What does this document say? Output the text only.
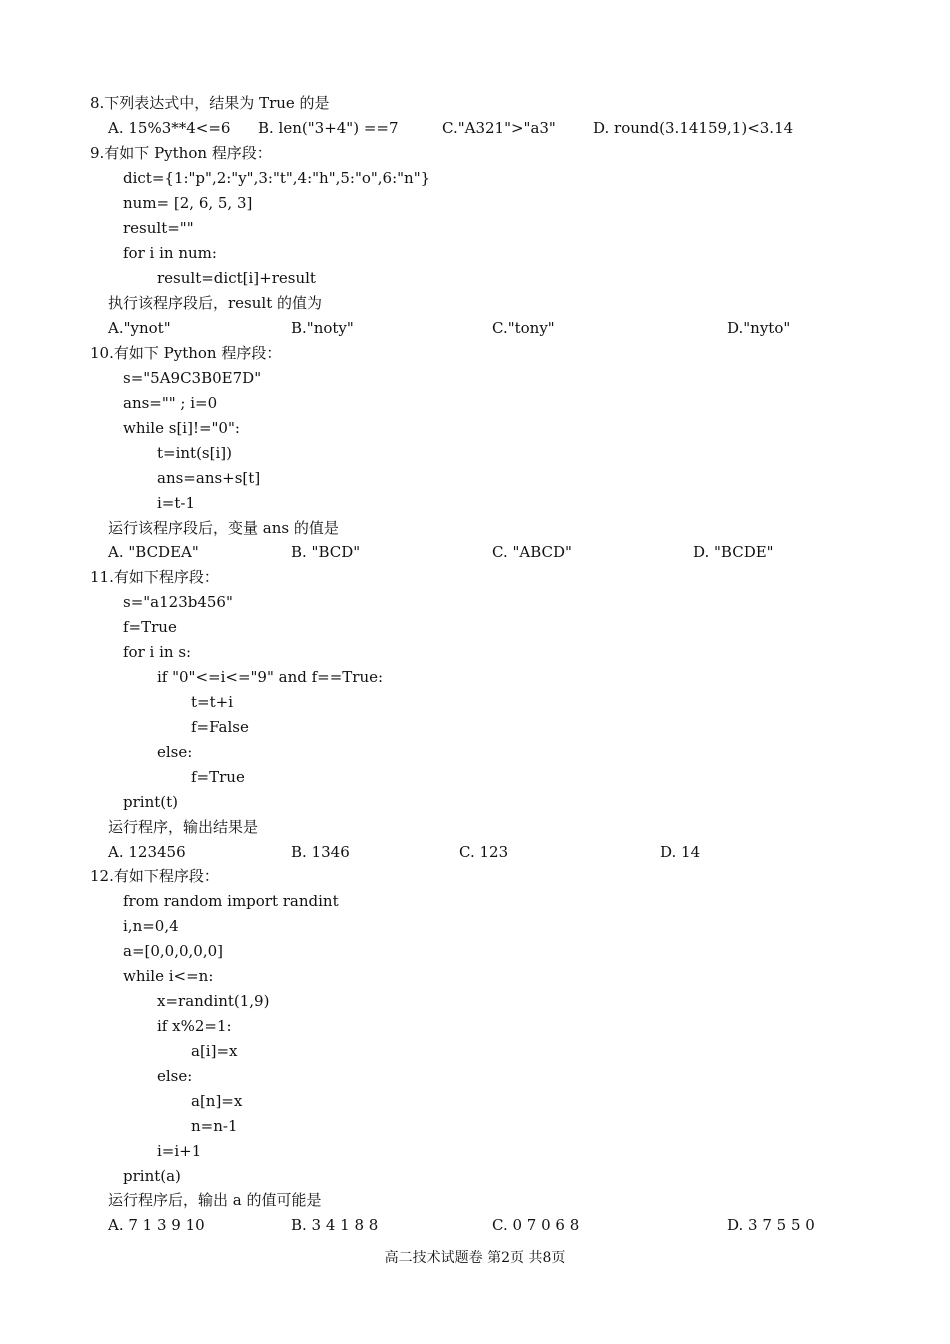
8.下列表达式中，结果为 True 的是
A. 15%3**4<=6 B. len("3+4") ==7	C."A321">"a3" D. round(3.14159,1)<3.14
9.有如下 Python 程序段：
dict={1:"p",2:"y",3:"t",4:"h",5:"o",6:"n"}
num= [2, 6, 5, 3]
result=""
for i in num:
result=dict[i]+result
执行该程序段后，result 的值为
A."ynot"	B."noty"	C."tony"	D."nyto"
10.有如下 Python 程序段：
s="5A9C3B0E7D"
ans="" ; i=0
while s[i]!="0":
t=int(s[i])
ans=ans+s[t]
i=t-1
运行该程序段后，变量 ans 的值是
A. "BCDEA"	B. "BCD"	C. "ABCD"	D. "BCDE"
11.有如下程序段：
s="a123b456"
f=True
for i in s:
if "0"<=i<="9" and f==True:
t=t+i
f=False
else:
f=True
print(t)
运行程序，输出结果是
A. 123456	B. 1346	C. 123	D. 14
12.有如下程序段：
from random import randint
i,n=0,4
a=[0,0,0,0,0]
while i<=n:
x=randint(1,9)
if x%2=1:
a[i]=x
else:
a[n]=x
n=n-1
i=i+1
print(a)
运行程序后，输出 a 的值可能是
A. 7 1 3 9 10	B. 3 4 1 8 8	C. 0 7 0 6 8	D. 3 7 5 5 0
高二技术试题卷 第2页 共8页
